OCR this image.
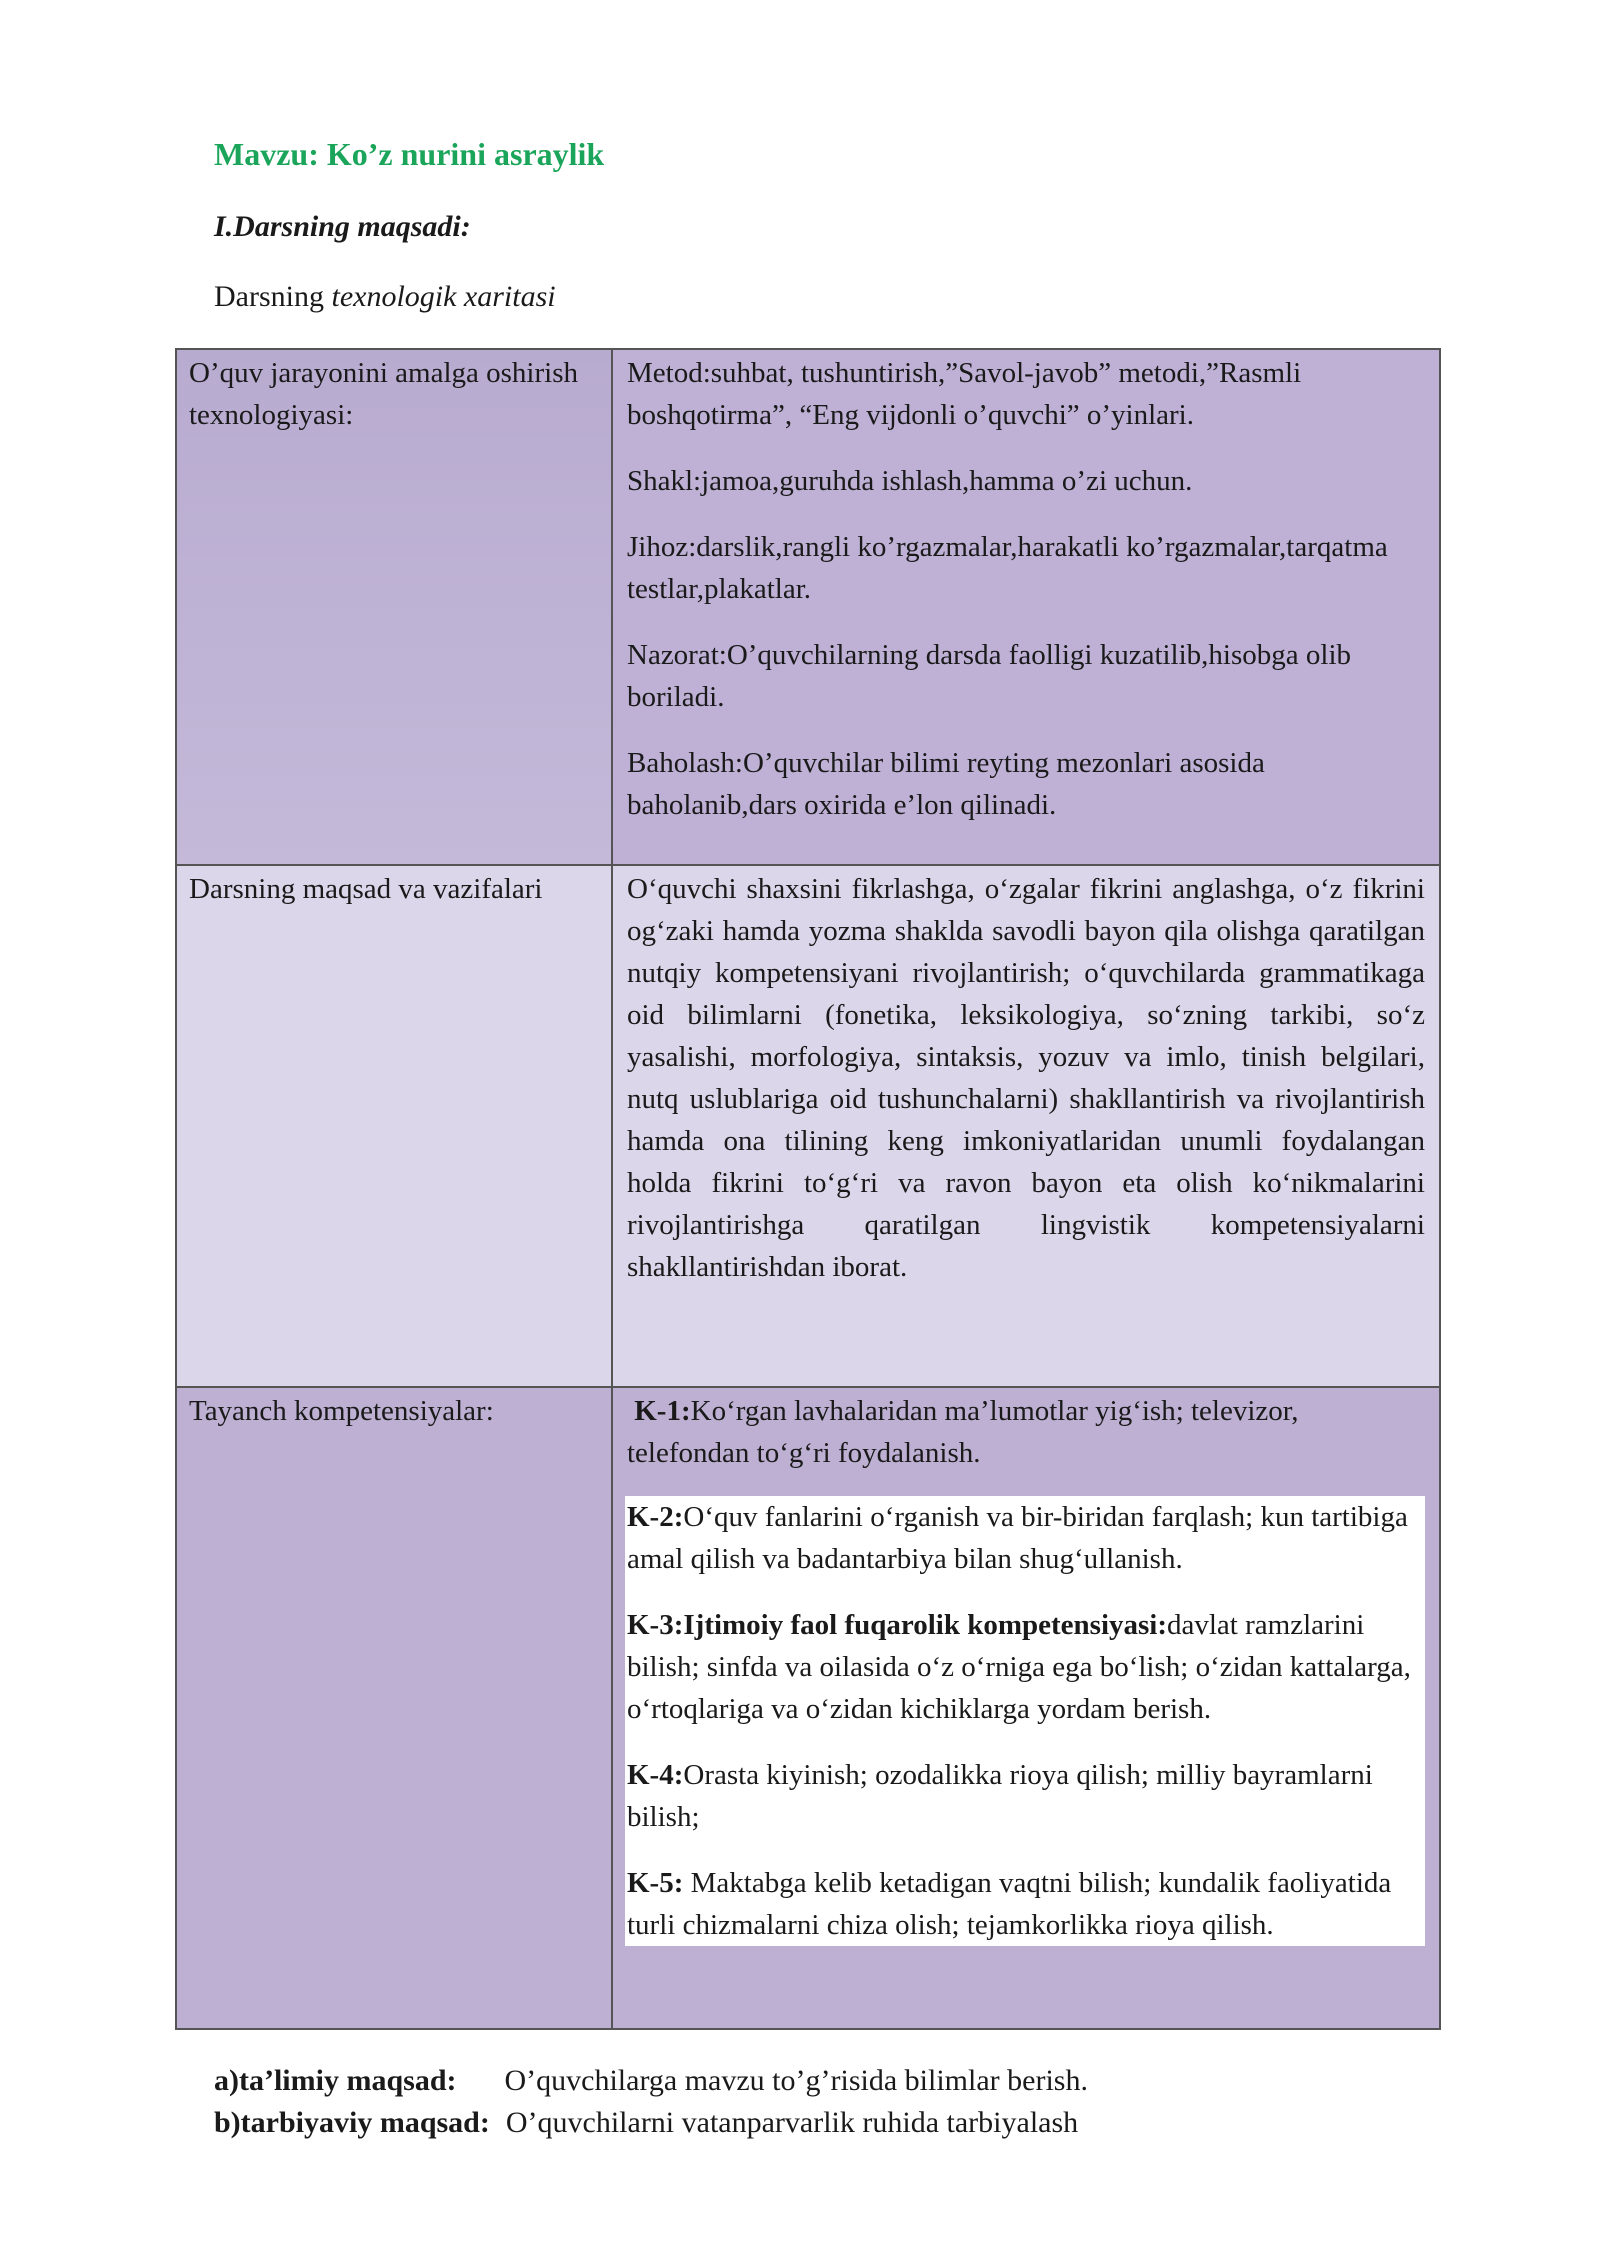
Mavzu: Ko’z nurini asraylik
I.Darsning maqsadi:
Darsning texnologik xaritasi
O’quv jarayonini amalga oshirish texnologiyasi:	Metod:suhbat, tushuntirish,”Savol-javob” metodi,”Rasmli boshqotirma”, “Eng vijdonli o’quvchi” o’yinlari.
Shakl:jamoa,guruhda ishlash,hamma o’zi uchun.
Jihoz:darslik,rangli ko’rgazmalar,harakatli ko’rgazmalar,tarqatma testlar,plakatlar.
Nazorat:O’quvchilarning darsda faolligi kuzatilib,hisobga olib boriladi.
Baholash:O’quvchilar bilimi reyting mezonlari asosida baholanib,dars oxirida e’lon qilinadi.

Darsning maqsad va vazifalari	O‘quvchi shaxsini fikrlashga, o‘zgalar fikrini anglashga, o‘z fikrini og‘zaki hamda yozma shaklda savodli bayon qila olishga qaratilgan nutqiy kompetensiyani rivojlantirish; o‘quvchilarda grammatikaga oid bilimlarni (fonetika, leksikologiya, so‘zning tarkibi, so‘z yasalishi, morfologiya, sintaksis, yozuv va imlo, tinish belgilari, nutq uslublariga oid tushunchalarni) shakllantirish va rivojlantirish hamda ona tilining keng imkoniyatlaridan unumli foydalangan holda fikrini to‘g‘ri va ravon bayon eta olish ko‘nikmalarini rivojlantirishga qaratilgan lingvistik kompetensiyalarni shakllantirishdan iborat.

Tayanch kompetensiyalar:	K-1:Ko‘rgan lavhalaridan ma’lumotlar yig‘ish; televizor, telefondan to‘g‘ri foydalanish.
K-2:O‘quv fanlarini o‘rganish va bir-biridan farqlash; kun tartibiga amal qilish va badantarbiya bilan shug‘ullanish.
K-3:Ijtimoiy faol fuqarolik kompetensiyasi:davlat ramzlarini bilish; sinfda va oilasida o‘z o‘rniga ega bo‘lish; o‘zidan kattalarga, o‘rtoqlariga va o‘zidan kichiklarga yordam berish.
K-4:Orasta kiyinish; ozodalikka rioya qilish; milliy bayramlarni bilish;
K-5: Maktabga kelib ketadigan vaqtni bilish; kundalik faoliyatida turli chizmalarni chiza olish; tejamkorlikka rioya qilish.
a)ta’limiy maqsad: O’quvchilarga mavzu to’g’risida bilimlar berish.
b)tarbiyaviy maqsad: O’quvchilarni vatanparvarlik ruhida tarbiyalash
